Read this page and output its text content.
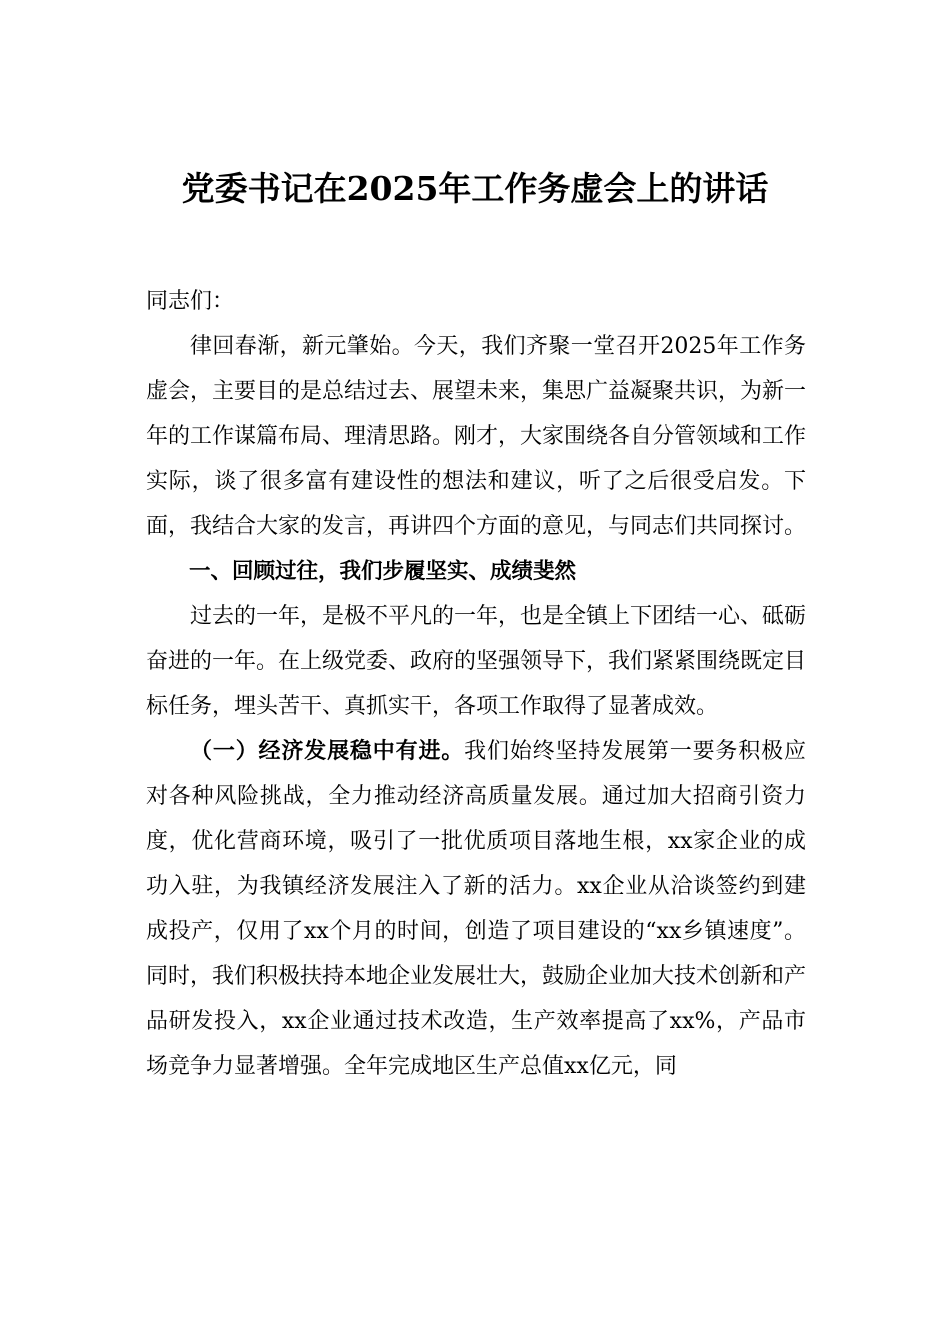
党委书记在2025年工作务虚会上的讲话

同志们：

律回春渐，新元肇始。今天，我们齐聚一堂召开2025年工作务虚会，主要目的是总结过去、展望未来，集思广益凝聚共识，为新一年的工作谋篇布局、理清思路。刚才，大家围绕各自分管领域和工作实际，谈了很多富有建设性的想法和建议，听了之后很受启发。下面，我结合大家的发言，再讲四个方面的意见，与同志们共同探讨。

一、回顾过往，我们步履坚实、成绩斐然

过去的一年，是极不平凡的一年，也是全镇上下团结一心、砥砺奋进的一年。在上级党委、政府的坚强领导下，我们紧紧围绕既定目标任务，埋头苦干、真抓实干，各项工作取得了显著成效。

（一）经济发展稳中有进。我们始终坚持发展第一要务积极应对各种风险挑战，全力推动经济高质量发展。通过加大招商引资力度，优化营商环境，吸引了一批优质项目落地生根，xx家企业的成功入驻，为我镇经济发展注入了新的活力。xx企业从洽谈签约到建成投产，仅用了xx个月的时间，创造了项目建设的“xx乡镇速度”。同时，我们积极扶持本地企业发展壮大，鼓励企业加大技术创新和产品研发投入，xx企业通过技术改造，生产效率提高了xx%，产品市场竞争力显著增强。全年完成地区生产总值xx亿元，同
